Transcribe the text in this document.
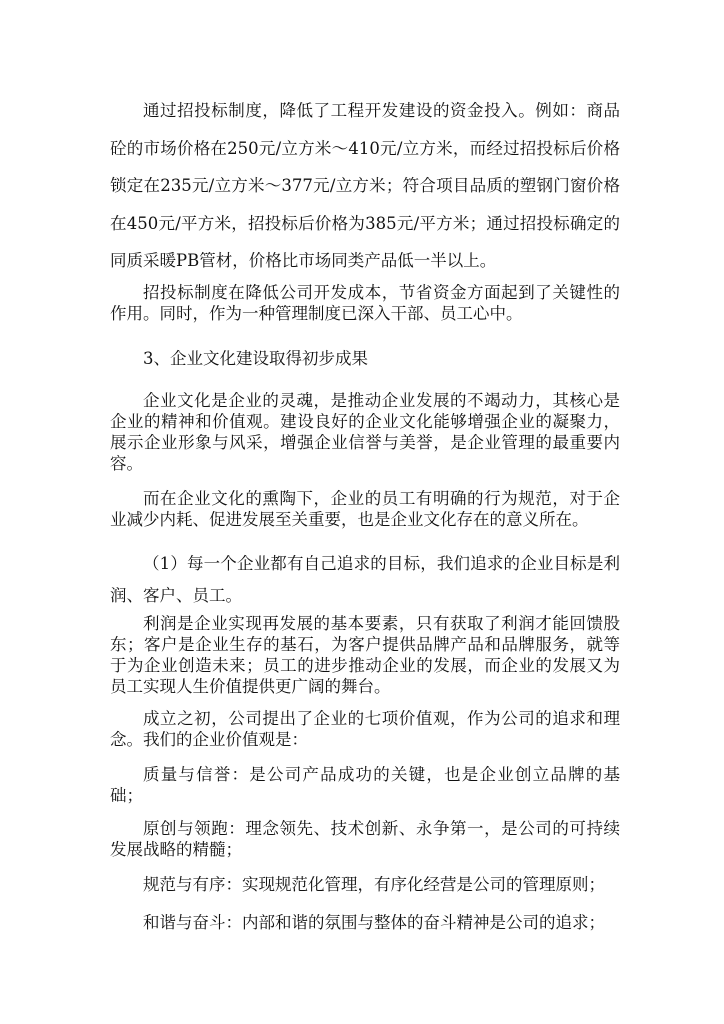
通过招投标制度，降低了工程开发建设的资金投入。例如：商品砼的市场价格在250元/立方米～410元/立方米，而经过招投标后价格锁定在235元/立方米～377元/立方米；符合项目品质的塑钢门窗价格在450元/平方米，招投标后价格为385元/平方米；通过招投标确定的同质采暖PB管材，价格比市场同类产品低一半以上。

招投标制度在降低公司开发成本，节省资金方面起到了关键性的作用。同时，作为一种管理制度已深入干部、员工心中。

3、企业文化建设取得初步成果

企业文化是企业的灵魂，是推动企业发展的不竭动力，其核心是企业的精神和价值观。建设良好的企业文化能够增强企业的凝聚力，展示企业形象与风采，增强企业信誉与美誉，是企业管理的最重要内容。

而在企业文化的熏陶下，企业的员工有明确的行为规范，对于企业减少内耗、促进发展至关重要，也是企业文化存在的意义所在。

（1）每一个企业都有自己追求的目标，我们追求的企业目标是利润、客户、员工。

利润是企业实现再发展的基本要素，只有获取了利润才能回馈股东；客户是企业生存的基石，为客户提供品牌产品和品牌服务，就等于为企业创造未来；员工的进步推动企业的发展，而企业的发展又为员工实现人生价值提供更广阔的舞台。

成立之初，公司提出了企业的七项价值观，作为公司的追求和理念。我们的企业价值观是：

质量与信誉：是公司产品成功的关键，也是企业创立品牌的基础；

原创与领跑：理念领先、技术创新、永争第一，是公司的可持续发展战略的精髓；

规范与有序：实现规范化管理，有序化经营是公司的管理原则；

和谐与奋斗：内部和谐的氛围与整体的奋斗精神是公司的追求；
